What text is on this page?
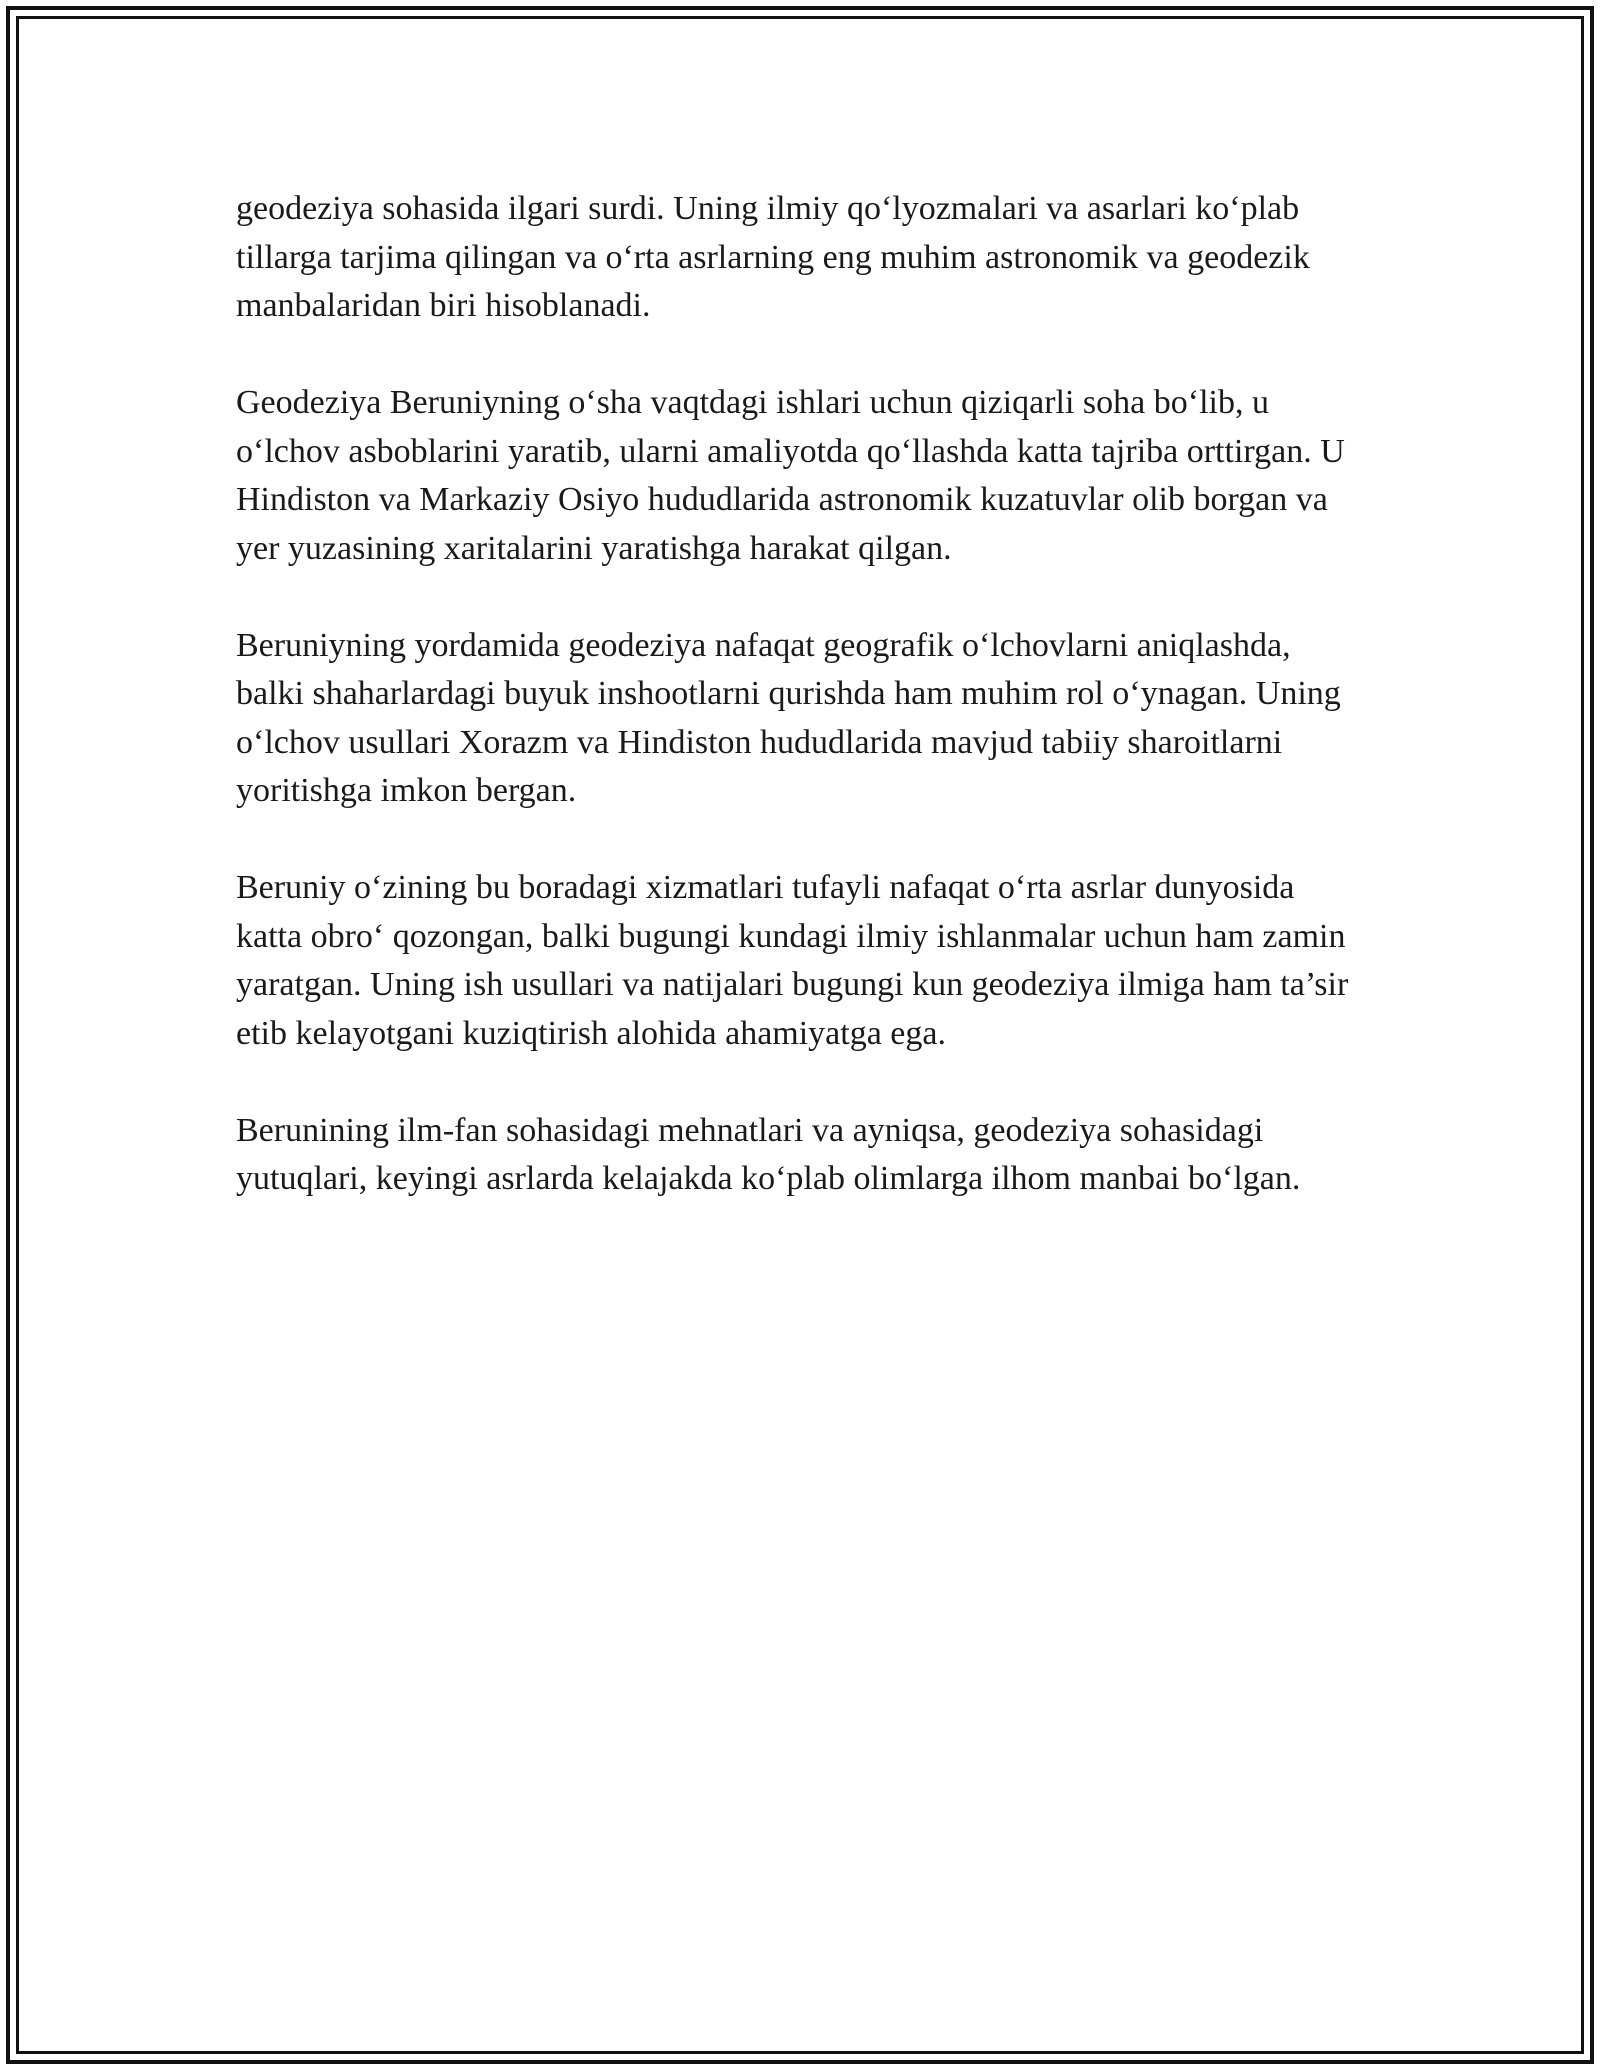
geodeziya sohasida ilgari surdi. Uning ilmiy qo‘lyozmalari va asarlari ko‘plab tillarga tarjima qilingan va o‘rta asrlarning eng muhim astronomik va geodezik manbalaridan biri hisoblanadi.

Geodeziya Beruniyning o‘sha vaqtdagi ishlari uchun qiziqarli soha bo‘lib, u o‘lchov asboblarini yaratib, ularni amaliyotda qo‘llashda katta tajriba orttirgan. U Hindiston va Markaziy Osiyo hududlarida astronomik kuzatuvlar olib borgan va yer yuzasining xaritalarini yaratishga harakat qilgan.

Beruniyning yordamida geodeziya nafaqat geografik o‘lchovlarni aniqlashda, balki shaharlardagi buyuk inshootlarni qurishda ham muhim rol o‘ynagan. Uning o‘lchov usullari Xorazm va Hindiston hududlarida mavjud tabiiy sharoitlarni yoritishga imkon bergan.

Beruniy o‘zining bu boradagi xizmatlari tufayli nafaqat o‘rta asrlar dunyosida katta obro‘ qozongan, balki bugungi kundagi ilmiy ishlanmalar uchun ham zamin yaratgan. Uning ish usullari va natijalari bugungi kun geodeziya ilmiga ham ta’sir etib kelayotgani kuziqtirish alohida ahamiyatga ega.

Berunining ilm-fan sohasidagi mehnatlari va ayniqsa, geodeziya sohasidagi yutuqlari, keyingi asrlarda kelajakda ko‘plab olimlarga ilhom manbai bo‘lgan.
